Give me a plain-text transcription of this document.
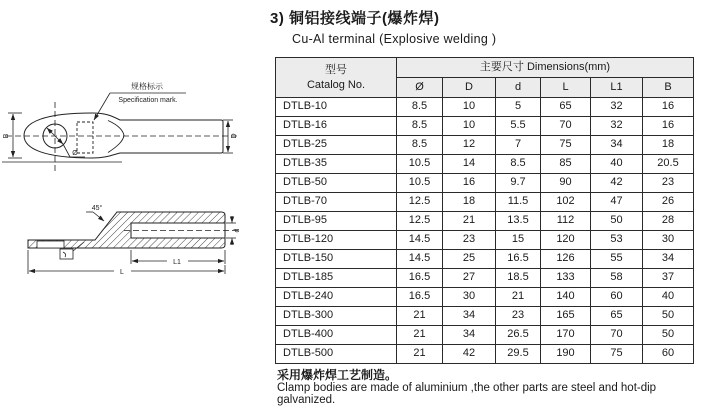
3) 铜铝接线端子(爆炸焊)
Cu-Al terminal (Explosive welding )
规格标示
Specification mark.
B	D
Ø
45°
L1
L
d
型号
Catalog No.	主要尺寸 Dimensions(mm)					
	Ø	D	d	L	L1	B
DTLB-10	8.5	10	5	65	32	16
DTLB-16	8.5	10	5.5	70	32	16
DTLB-25	8.5	12	7	75	34	18
DTLB-35	10.5	14	8.5	85	40	20.5
DTLB-50	10.5	16	9.7	90	42	23
DTLB-70	12.5	18	11.5	102	47	26
DTLB-95	12.5	21	13.5	112	50	28
DTLB-120	14.5	23	15	120	53	30
DTLB-150	14.5	25	16.5	126	55	34
DTLB-185	16.5	27	18.5	133	58	37
DTLB-240	16.5	30	21	140	60	40
DTLB-300	21	34	23	165	65	50
DTLB-400	21	34	26.5	170	70	50
DTLB-500	21	42	29.5	190	75	60
采用爆炸焊工艺制造。
Clamp bodies are made of aluminium ,the other parts are steel and hot-dip galvanized.
